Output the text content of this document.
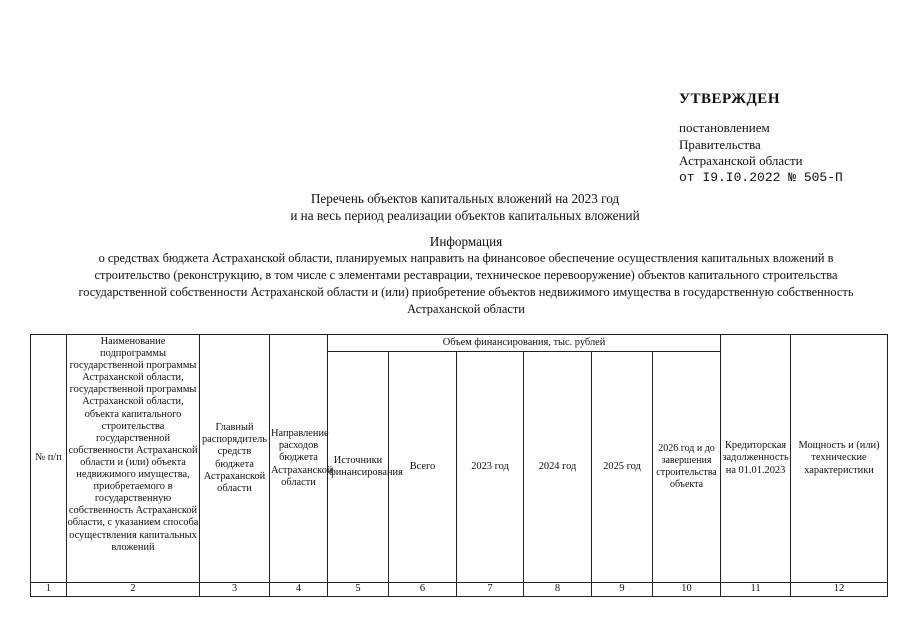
УТВЕРЖДЕН
постановлением
Правительства
Астраханской области
от I9.I0.2022 № 505-П
Перечень объектов капитальных вложений на 2023 год
и на весь период реализации объектов капитальных вложений
Информация
о средствах бюджета Астраханской области, планируемых направить на финансовое обеспечение осуществления капитальных вложений в строительство (реконструкцию, в том числе с элементами реставрации, техническое перевооружение) объектов капитального строительства государственной собственности Астраханской области и (или) приобретение объектов недвижимого имущества в государственную собственность Астраханской области
№ п/п	Наименование подпрограммы государственной программы Астраханской области, государственной программы Астраханской области, объекта капитального строительства государственной собственности Астраханской области и (или) объекта недвижимого имущества, приобретаемого в государственную собственность Астраханской области, с указанием способа осуществления капитальных вложений	Главный распорядитель средств бюджета Астраханской области	Направление расходов бюджета Астраханской области	Объем финансирования, тыс. рублей						Кредиторская задолженность на 01.01.2023	Мощность и (или) технические характеристики
				Источники финансирования	Всего	2023 год	2024 год	2025 год	2026 год и до завершения строительства объекта		
1	2	3	4	5	6	7	8	9	10	11	12
